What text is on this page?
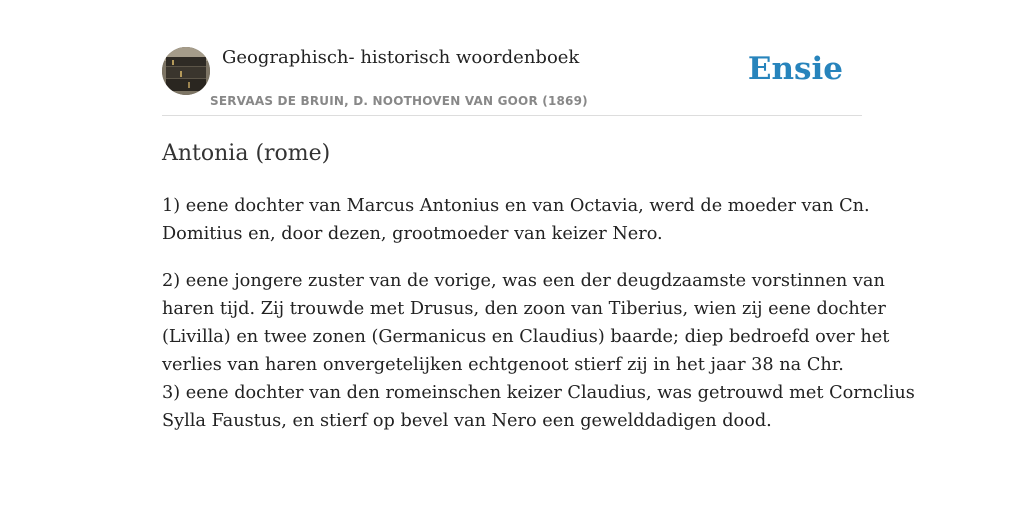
Geographisch- historisch woordenboek
SERVAAS DE BRUIN, D. NOOTHOVEN VAN GOOR (1869)
Ensie
Antonia (rome)

1) eene dochter van Marcus Antonius en van Octavia, werd de moeder van Cn.
Domitius en, door dezen, grootmoeder van keizer Nero.

2) eene jongere zuster van de vorige, was een der deugdzaamste vorstinnen van
haren tijd. Zij trouwde met Drusus, den zoon van Tiberius, wien zij eene dochter
(Livilla) en twee zonen (Germanicus en Claudius) baarde; diep bedroefd over het
verlies van haren onvergetelijken echtgenoot stierf zij in het jaar 38 na Chr.
3) eene dochter van den romeinschen keizer Claudius, was getrouwd met Cornclius
Sylla Faustus, en stierf op bevel van Nero een gewelddadigen dood.
